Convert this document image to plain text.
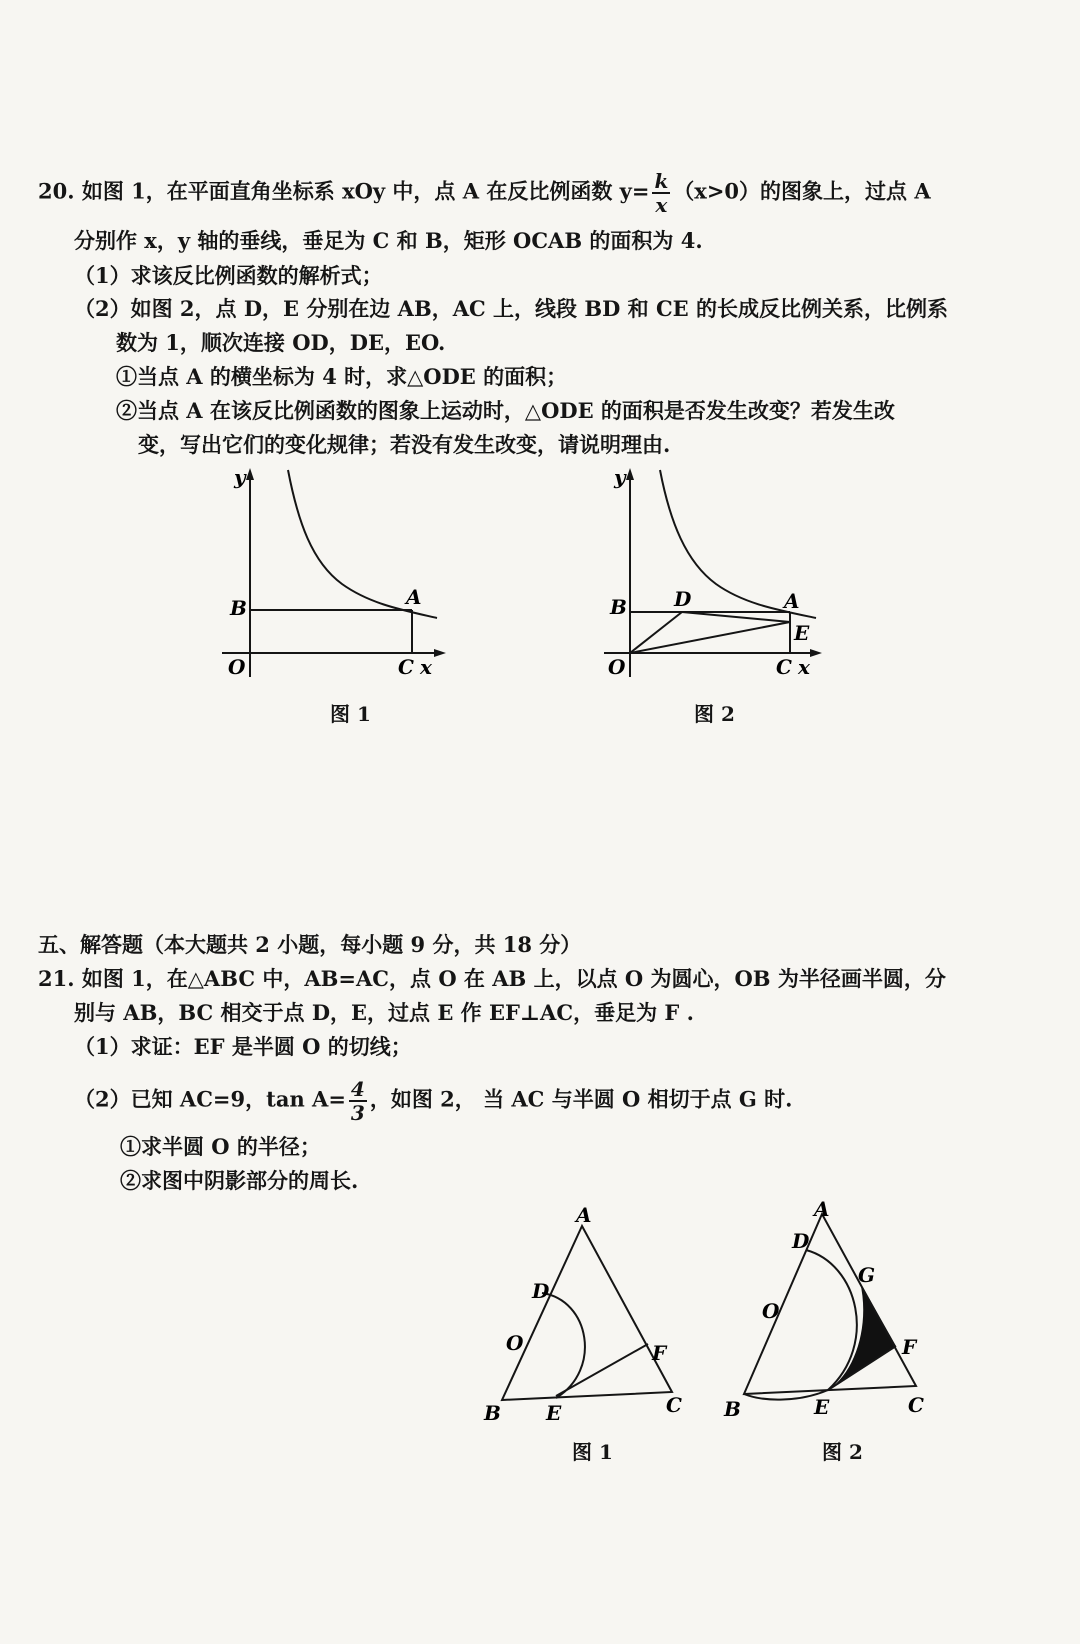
20. 如图 1，在平面直角坐标系 xOy 中，点 A 在反比例函数 $y= \frac{k}{x} (x>0)$的图象上，过点 A
分别作 x，y 轴的垂线，垂足为 C 和 B，矩形 OCAB 的面积为 4.
（1）求该反比例函数的解析式；
（2）如图 2，点 D，E 分别在边 AB，AC 上，线段 BD 和 CE 的长成反比例关系，比例系
数为 1，顺次连接 OD，DE，EO.
①当点 A 的横坐标为 4 时，求△ODE 的面积；
②当点 A 在该反比例函数的图象上运动时，△ODE 的面积是否发生改变？若发生改
变，写出它们的变化规律；若没有发生改变，请说明理由.
y
B	A
O	C x
图 1
y
B D	A
E
O	C x
图 2
五、解答题（本大题共 2 小题，每小题 9 分，共 18 分）
21. 如图 1，在△ABC 中，AB=AC，点 O 在 AB 上，以点 O 为圆心，OB 为半径画半圆，分
别与 AB，BC 相交于点 D，E，过点 E 作 EF⊥AC，垂足为 F .
（1）求证：EF 是半圆 O 的切线；
（2）已知 AC=9，$\tan A= \frac{4}{3}$ ，如图 2， 当 AC 与半圆 O 相切于点 G 时.
①求半圆 O 的半径；
②求图中阴影部分的周长.
A
D
O	F
B E	C
图 1
A
D
G
O
F
B	E	C
图 2
